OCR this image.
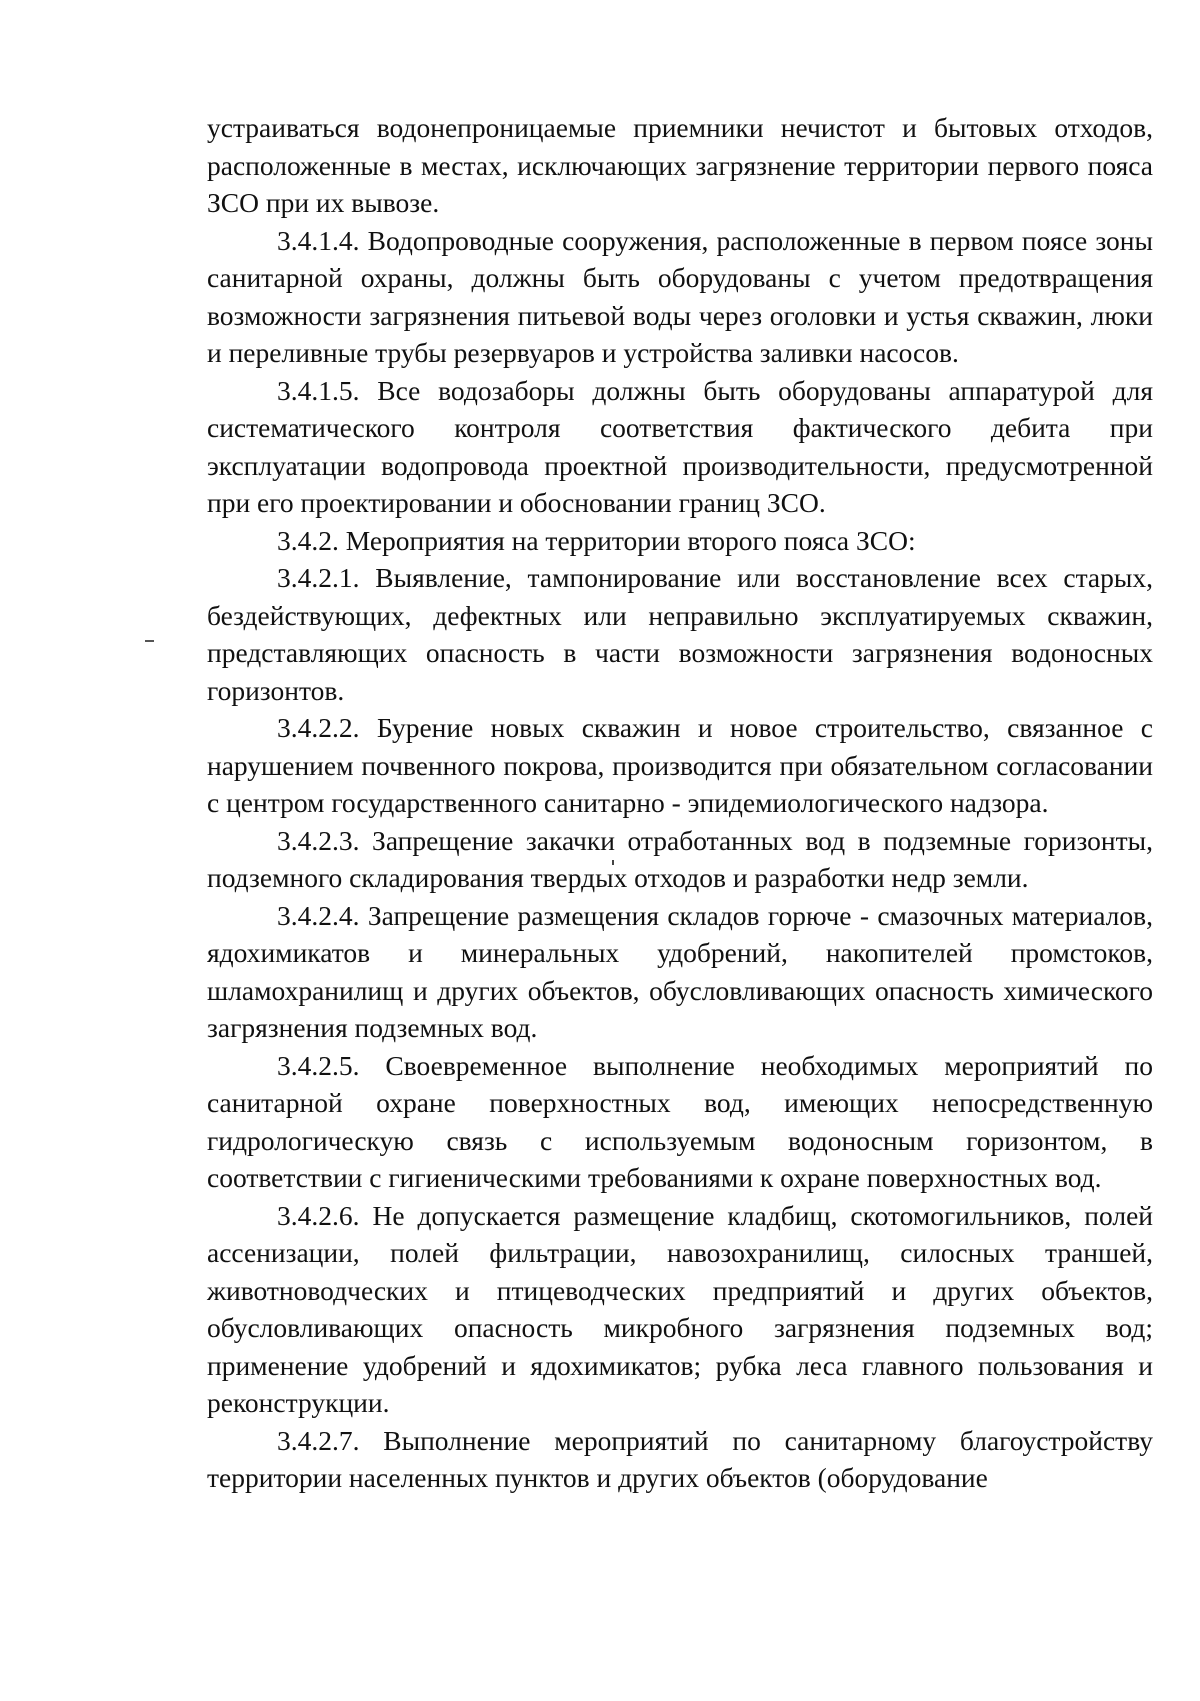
устраиваться водонепроницаемые приемники нечистот и бытовых отходов, расположенные в местах, исключающих загрязнение территории первого пояса ЗСО при их вывозе.

3.4.1.4. Водопроводные сооружения, расположенные в первом поясе зоны санитарной охраны, должны быть оборудованы с учетом предотвращения возможности загрязнения питьевой воды через оголовки и устья скважин, люки и переливные трубы резервуаров и устройства заливки насосов.

3.4.1.5. Все водозаборы должны быть оборудованы аппаратурой для систематического контроля соответствия фактического дебита при эксплуатации водопровода проектной производительности, предусмотренной при его проектировании и обосновании границ ЗСО.

3.4.2. Мероприятия на территории второго пояса ЗСО:

3.4.2.1. Выявление, тампонирование или восстановление всех старых, бездействующих, дефектных или неправильно эксплуатируемых скважин, представляющих опасность в части возможности загрязнения водоносных горизонтов.

3.4.2.2. Бурение новых скважин и новое строительство, связанное с нарушением почвенного покрова, производится при обязательном согласовании с центром государственного санитарно - эпидемиологического надзора.

3.4.2.3. Запрещение закачки отработанных вод в подземные горизонты, подземного складирования твердых отходов и разработки недр земли.

3.4.2.4. Запрещение размещения складов горюче - смазочных материалов, ядохимикатов и минеральных удобрений, накопителей промстоков, шламохранилищ и других объектов, обусловливающих опасность химического загрязнения подземных вод.

3.4.2.5. Своевременное выполнение необходимых мероприятий по санитарной охране поверхностных вод, имеющих непосредственную гидрологическую связь с используемым водоносным горизонтом, в соответствии с гигиеническими требованиями к охране поверхностных вод.

3.4.2.6. Не допускается размещение кладбищ, скотомогильников, полей ассенизации, полей фильтрации, навозохранилищ, силосных траншей, животноводческих и птицеводческих предприятий и других объектов, обусловливающих опасность микробного загрязнения подземных вод; применение удобрений и ядохимикатов; рубка леса главного пользования и реконструкции.

3.4.2.7. Выполнение мероприятий по санитарному благоустройству территории населенных пунктов и других объектов (оборудование
